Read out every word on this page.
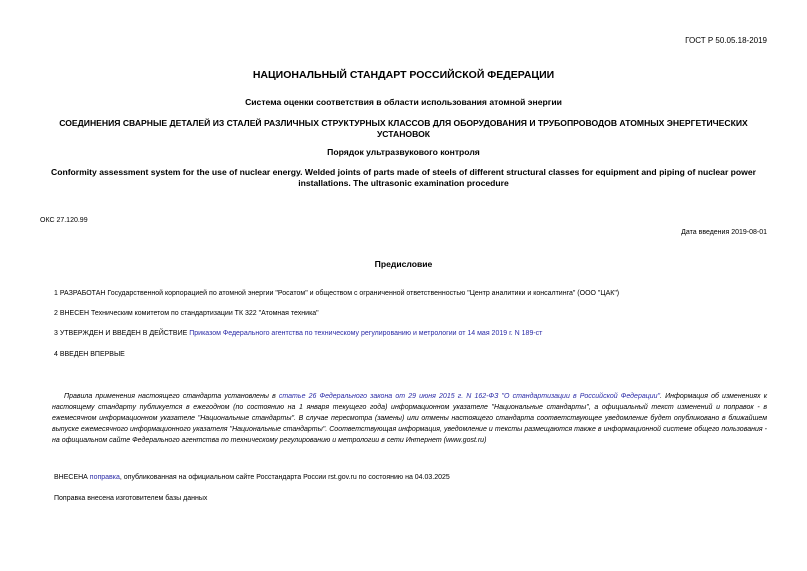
ГОСТ Р 50.05.18-2019
НАЦИОНАЛЬНЫЙ СТАНДАРТ РОССИЙСКОЙ ФЕДЕРАЦИИ
Система оценки соответствия в области использования атомной энергии
СОЕДИНЕНИЯ СВАРНЫЕ ДЕТАЛЕЙ ИЗ СТАЛЕЙ РАЗЛИЧНЫХ СТРУКТУРНЫХ КЛАССОВ ДЛЯ ОБОРУДОВАНИЯ И ТРУБОПРОВОДОВ АТОМНЫХ ЭНЕРГЕТИЧЕСКИХ УСТАНОВОК
Порядок ультразвукового контроля
Conformity assessment system for the use of nuclear energy. Welded joints of parts made of steels of different structural classes for equipment and piping of nuclear power installations. The ultrasonic examination procedure
ОКС 27.120.99
Дата введения 2019-08-01
Предисловие
1 РАЗРАБОТАН Государственной корпорацией по атомной энергии "Росатом" и обществом с ограниченной ответственностью "Центр аналитики и консалтинга" (ООО "ЦАК")
2 ВНЕСЕН Техническим комитетом по стандартизации ТК 322 "Атомная техника"
3 УТВЕРЖДЕН И ВВЕДЕН В ДЕЙСТВИЕ Приказом Федерального агентства по техническому регулированию и метрологии от 14 мая 2019 г. N 189-ст
4 ВВЕДЕН ВПЕРВЫЕ
Правила применения настоящего стандарта установлены в статье 26 Федерального закона от 29 июня 2015 г. N 162-ФЗ "О стандартизации в Российской Федерации". Информация об изменениях к настоящему стандарту публикуется в ежегодном (по состоянию на 1 января текущего года) информационном указателе "Национальные стандарты", а официальный текст изменений и поправок - в ежемесячном информационном указателе "Национальные стандарты". В случае пересмотра (замены) или отмены настоящего стандарта соответствующее уведомление будет опубликовано в ближайшем выпуске ежемесячного информационного указателя "Национальные стандарты". Соответствующая информация, уведомление и тексты размещаются также в информационной системе общего пользования - на официальном сайте Федерального агентства по техническому регулированию и метрологии в сети Интернет (www.gost.ru)
ВНЕСЕНА поправка, опубликованная на официальном сайте Росстандарта России rst.gov.ru по состоянию на 04.03.2025
Поправка внесена изготовителем базы данных
